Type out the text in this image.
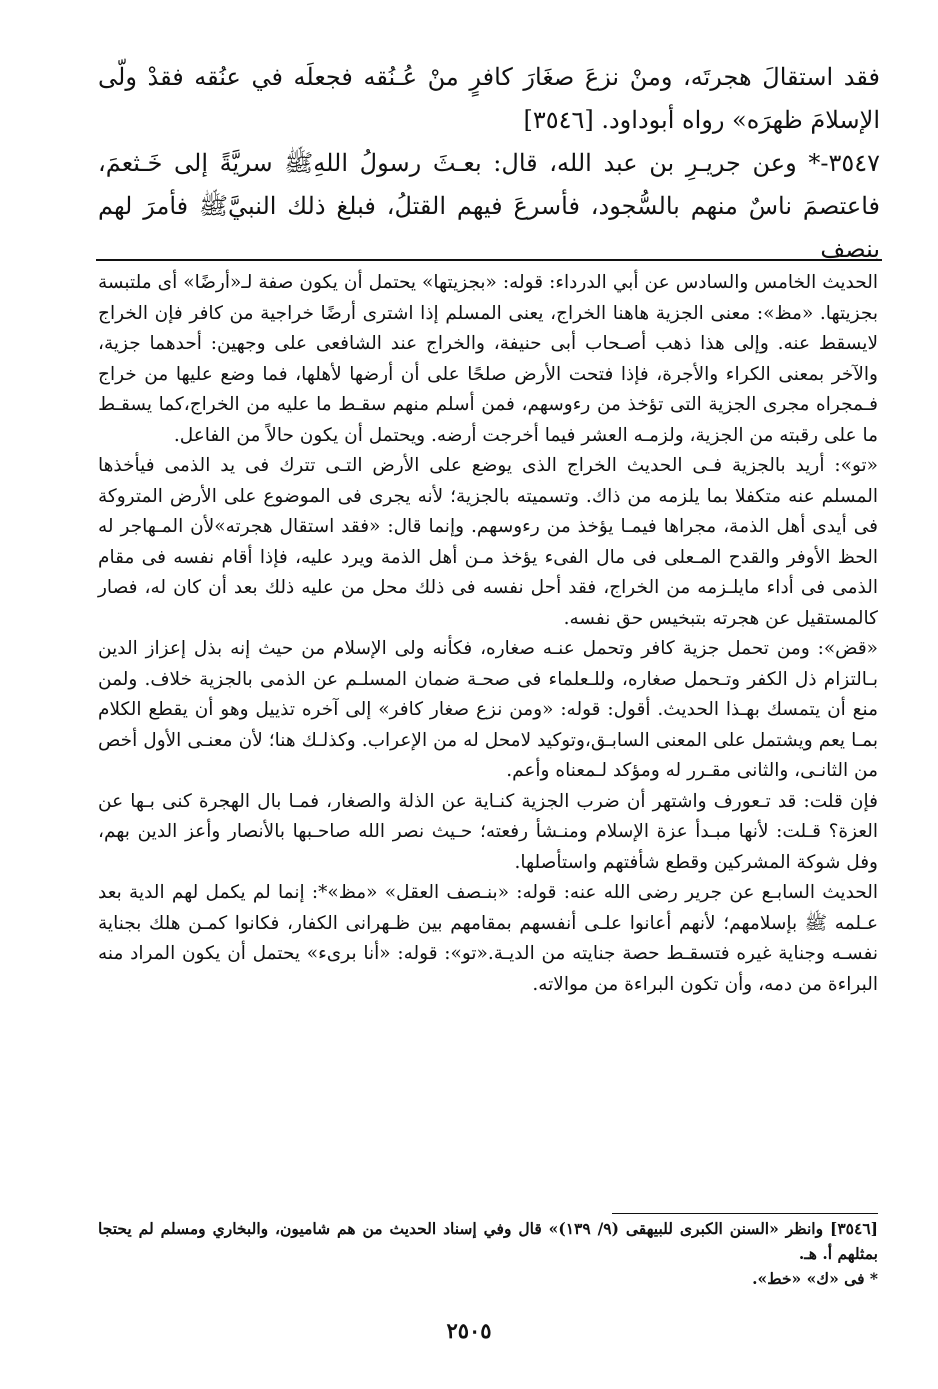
فقد استقالَ هجرتَه، ومنْ نزعَ صغَارَ كافرٍ منْ عُـنُقه فجعلَه في عنُقه فقدْ ولّى الإسلامَ ظهرَه» رواه أبوداود. [٣٥٤٦]

٣٥٤٧-* وعن جريـرِ بن عبد الله، قال: بعـثَ رسولُ اللهِﷺ سريَّةً إلى خَـثعمَ، فاعتصمَ ناسٌ منهم بالسُّجود، فأسرعَ فيهم القتلُ، فبلغ ذلك النبيَّﷺ فأمرَ لهم بنصف

الحديث الخامس والسادس عن أبي الدرداء: قوله: «بجزيتها» يحتمل أن يكون صفة لـ«أرضًا» أى ملتبسة بجزيتها. «مظ»: معنى الجزية هاهنا الخراج، يعنى المسلم إذا اشترى أرضًا خراجية من كافر فإن الخراج لايسقط عنه. وإلى هذا ذهب أصـحاب أبى حنيفة، والخراج عند الشافعى على وجهين: أحدهما جزية، والآخر بمعنى الكراء والأجرة، فإذا فتحت الأرض صلحًا على أن أرضها لأهلها، فما وضع عليها من خراج فـمجراه مجرى الجزية التى تؤخذ من رءوسهم، فمن أسلم منهم سقـط ما عليه من الخراج،كما يسقـط ما على رقبته من الجزية، ولزمـه العشر فيما أخرجت أرضه. ويحتمل أن يكون حالاً من الفاعل.

«تو»: أريد بالجزية فـى الحديث الخراج الذى يوضع على الأرض التـى تترك فى يد الذمى فيأخذها المسلم عنه متكفلا بما يلزمه من ذاك. وتسميته بالجزية؛ لأنه يجرى فى الموضوع على الأرض المتروكة فى أيدى أهل الذمة، مجراها فيمـا يؤخذ من رءوسهم. وإنما قال: «فقد استقال هجرته»لأن المـهاجر له الحظ الأوفر والقدح المـعلى فى مال الفىء يؤخذ مـن أهل الذمة ويرد عليه، فإذا أقام نفسه فى مقام الذمى فى أداء مايلـزمه من الخراج، فقد أحل نفسه فى ذلك محل من عليه ذلك بعد أن كان له، فصار كالمستقيل عن هجرته بتبخيس حق نفسه.

«قض»: ومن تحمل جزية كافر وتحمل عنـه صغاره، فكأنه ولى الإسلام من حيث إنه بذل إعزاز الدين بـالتزام ذل الكفر وتـحمل صغاره، وللـعلماء فى صحـة ضمان المسلـم عن الذمى بالجزية خلاف. ولمن منع أن يتمسك بهـذا الحديث. أقول: قوله: «ومن نزع صغار كافر» إلى آخره تذييل وهو أن يقطع الكلام بمـا يعم ويشتمل على المعنى السابـق،وتوكيد لامحل له من الإعراب. وكذلـك هنا؛ لأن معنـى الأول أخص من الثانـى، والثانى مقـرر له ومؤكد لـمعناه وأعم.

فإن قلت: قد تـعورف واشتهر أن ضرب الجزية كنـاية عن الذلة والصغار، فمـا بال الهجرة كنى بـها عن العزة؟ قـلت: لأنها مبـدأ عزة الإسلام ومنـشأ رفعته؛ حـيث نصر الله صاحـبها بالأنصار وأعز الدين بهم، وفل شوكة المشركين وقطع شأفتهم واستأصلها.

الحديث السابـع عن جرير رضى الله عنه: قوله: «بنـصف العقل» «مظ»*: إنما لم يكمل لهم الدية بعد عـلمه ﷺ بإسلامهم؛ لأنهم أعانوا علـى أنفسهم بمقامهم بين ظـهرانى الكفار، فكانوا كمـن هلك بجناية نفسـه وجناية غيره فتسقـط حصة جنايته من الديـة.«تو»: قوله: «أنا برىء» يحتمل أن يكون المراد منه البراءة من دمه، وأن تكون البراءة من موالاته.

[٣٥٤٦] وانظر «السنن الكبرى للبيهقى (٩/ ١٣٩)» قال وفي إسناد الحديث من هم شاميون، والبخاري ومسلم لم يحتجا بمثلهم أ. هـ.

* فى «ك» «خط».

٢٥٠٥
